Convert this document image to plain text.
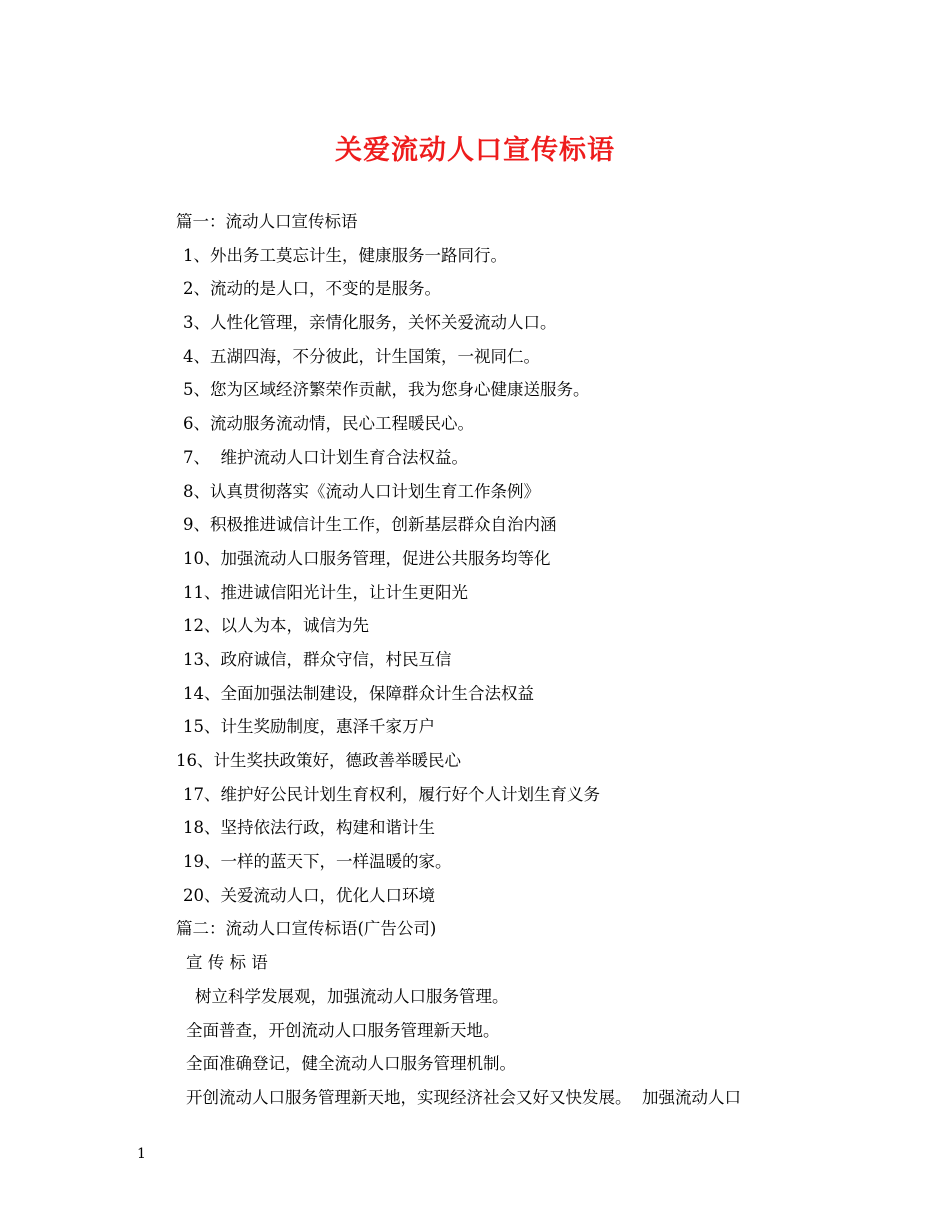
关爱流动人口宣传标语
篇一：流动人口宣传标语
1、外出务工莫忘计生，健康服务一路同行。
2、流动的是人口，不变的是服务。
3、人性化管理，亲情化服务，关怀关爱流动人口。
4、五湖四海，不分彼此，计生国策，一视同仁。
5、您为区域经济繁荣作贡献，我为您身心健康送服务。
6、流动服务流动情，民心工程暖民心。
7、  维护流动人口计划生育合法权益。
8、认真贯彻落实《流动人口计划生育工作条例》
9、积极推进诚信计生工作，创新基层群众自治内涵
10、加强流动人口服务管理，促进公共服务均等化
11、推进诚信阳光计生，让计生更阳光
12、以人为本，诚信为先
13、政府诚信，群众守信，村民互信
14、全面加强法制建设，保障群众计生合法权益
15、计生奖励制度，惠泽千家万户
16、计生奖扶政策好，德政善举暖民心
17、维护好公民计划生育权利，履行好个人计划生育义务
18、坚持依法行政，构建和谐计生
19、一样的蓝天下，一样温暖的家。
20、关爱流动人口，优化人口环境
篇二：流动人口宣传标语(广告公司)
宣 传 标 语
树立科学发展观，加强流动人口服务管理。
全面普查，开创流动人口服务管理新天地。
全面准确登记，健全流动人口服务管理机制。
开创流动人口服务管理新天地，实现经济社会又好又快发展。  加强流动人口
1
